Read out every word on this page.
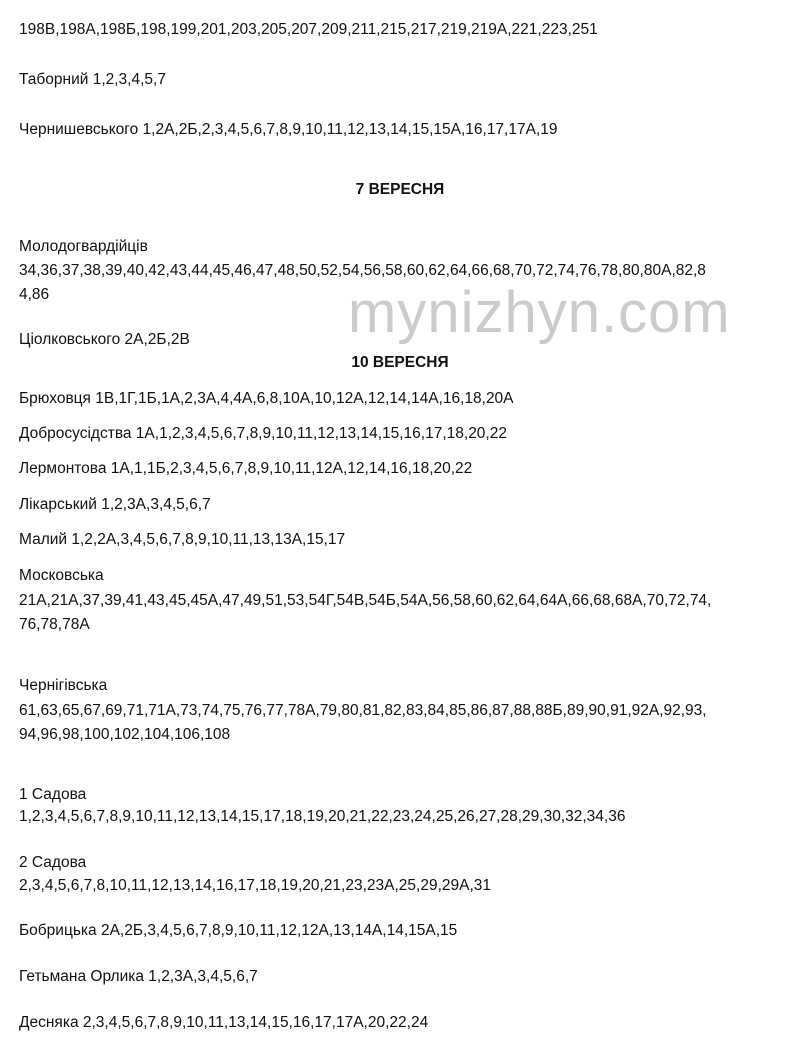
198В,198А,198Б,198,199,201,203,205,207,209,211,215,217,219,219А,221,223,251
Таборний 1,2,3,4,5,7
Чернишевського 1,2А,2Б,2,3,4,5,6,7,8,9,10,11,12,13,14,15,15А,16,17,17А,19
7 ВЕРЕСНЯ
Молодогвардійців
34,36,37,38,39,40,42,43,44,45,46,47,48,50,52,54,56,58,60,62,64,66,68,70,72,74,76,78,80,80А,82,8
4,86
Ціолковського 2А,2Б,2В
10 ВЕРЕСНЯ
Брюховця 1В,1Г,1Б,1А,2,3А,4,4А,6,8,10А,10,12А,12,14,14А,16,18,20А
Добросусідства 1А,1,2,3,4,5,6,7,8,9,10,11,12,13,14,15,16,17,18,20,22
Лермонтова 1А,1,1Б,2,3,4,5,6,7,8,9,10,11,12А,12,14,16,18,20,22
Лікарський 1,2,3А,3,4,5,6,7
Малий 1,2,2А,3,4,5,6,7,8,9,10,11,13,13А,15,17
Московська
21А,21А,37,39,41,43,45,45А,47,49,51,53,54Г,54В,54Б,54А,56,58,60,62,64,64А,66,68,68А,70,72,74,
76,78,78А
Чернігівська
61,63,65,67,69,71,71А,73,74,75,76,77,78А,79,80,81,82,83,84,85,86,87,88,88Б,89,90,91,92А,92,93,
94,96,98,100,102,104,106,108
1 Садова
1,2,3,4,5,6,7,8,9,10,11,12,13,14,15,17,18,19,20,21,22,23,24,25,26,27,28,29,30,32,34,36
2 Садова
2,3,4,5,6,7,8,10,11,12,13,14,16,17,18,19,20,21,23,23А,25,29,29А,31
Бобрицька 2А,2Б,3,4,5,6,7,8,9,10,11,12,12А,13,14А,14,15А,15
Гетьмана Орлика 1,2,3А,3,4,5,6,7
Десняка 2,3,4,5,6,7,8,9,10,11,13,14,15,16,17,17А,20,22,24
mynizhyn.com
